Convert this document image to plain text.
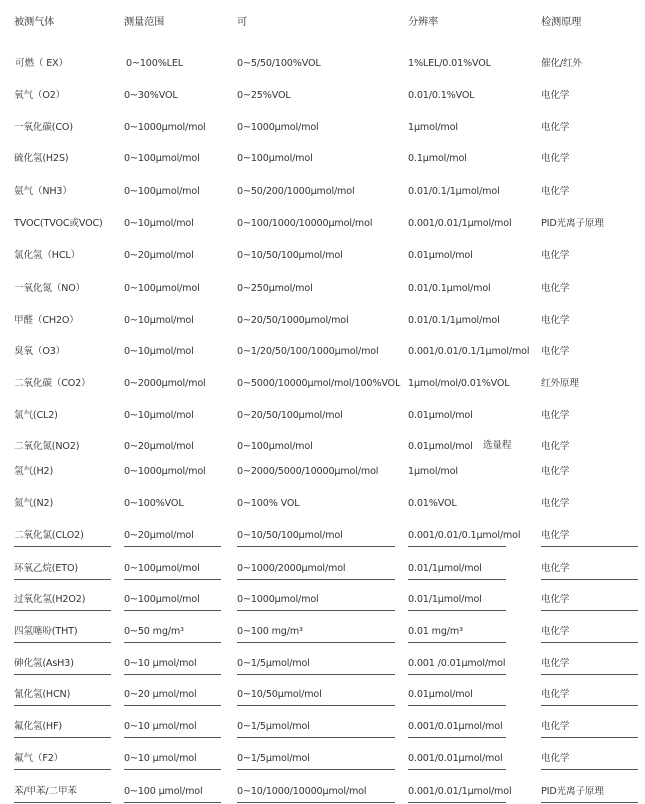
被测气体	测量范围	可	分辨率	检测原理
可燃（ EX）	0~100%LEL	0~5/50/100%VOL	1%LEL/0.01%VOL	催化/红外
氧气（O2）	0~30%VOL	0~25%VOL	0.01/0.1%VOL	电化学
一氧化碳(CO)	0~1000μmol/mol	0~1000μmol/mol	1μmol/mol	电化学
硫化氢(H2S)	0~100μmol/mol	0~100μmol/mol	0.1μmol/mol	电化学
氨气（NH3）	0~100μmol/mol	0~50/200/1000μmol/mol	0.01/0.1/1μmol/mol	电化学
TVOC(TVOC或VOC) 0~10μmol/mol	0~100/1000/10000μmol/mol	0.001/0.01/1μmol/mol	PID光离子原理
氯化氢（HCL）	0~20μmol/mol	0~10/50/100μmol/mol	0.01μmol/mol	电化学
一氧化氮（NO）	0~100μmol/mol	0~250μmol/mol	0.01/0.1μmol/mol	电化学
甲醛（CH2O）	0~10μmol/mol	0~20/50/1000μmol/mol	0.01/0.1/1μmol/mol	电化学
臭氧（O3）	0~10μmol/mol	0~1/20/50/100/1000μmol/mol	0.001/0.01/0.1/1μmol/mol 电化学
二氧化碳（CO2）	0~2000μmol/mol	0~5000/10000μmol/mol/100%VOL 1μmol/mol/0.01%VOL	红外原理
氯气(CL2)	0~10μmol/mol	0~20/50/100μmol/mol	0.01μmol/mol	电化学
二氧化氮(NO2)	0~20μmol/mol	0~100μmol/mol	0.01μmol/mol	电化学
氢气(H2)	0~1000μmol/mol	0~2000/5000/10000μmol/mol	1μmol/mol	电化学
氮气(N2)	0~100%VOL	0~100% VOL	0.01%VOL	电化学
二氧化氯(CLO2)	0~20μmol/mol	0~10/50/100μmol/mol	0.001/0.01/0.1μmol/mol 电化学
环氧乙烷(ETO)	0~100μmol/mol	0~1000/2000μmol/mol	0.01/1μmol/mol	电化学
过氧化氢(H2O2)	0~100μmol/mol	0~1000μmol/mol	0.01/1μmol/mol	电化学
四氢噻吩(THT)	0~50 mg/m³	0~100 mg/m³	0.01 mg/m³	电化学
砷化氢(AsH3)	0~10 μmol/mol	0~1/5μmol/mol	0.001 /0.01μmol/mol	电化学
氰化氢(HCN)	0~20 μmol/mol	0~10/50μmol/mol	0.01μmol/mol	电化学
氟化氢(HF)	0~10 μmol/mol	0~1/5μmol/mol	0.001/0.01μmol/mol	电化学
氟气（F2）	0~10 μmol/mol	0~1/5μmol/mol	0.001/0.01μmol/mol	电化学
苯/甲苯/二甲苯	0~100 μmol/mol	0~10/1000/10000μmol/mol	0.001/0.01/1μmol/mol	PID光离子原理
选量程
